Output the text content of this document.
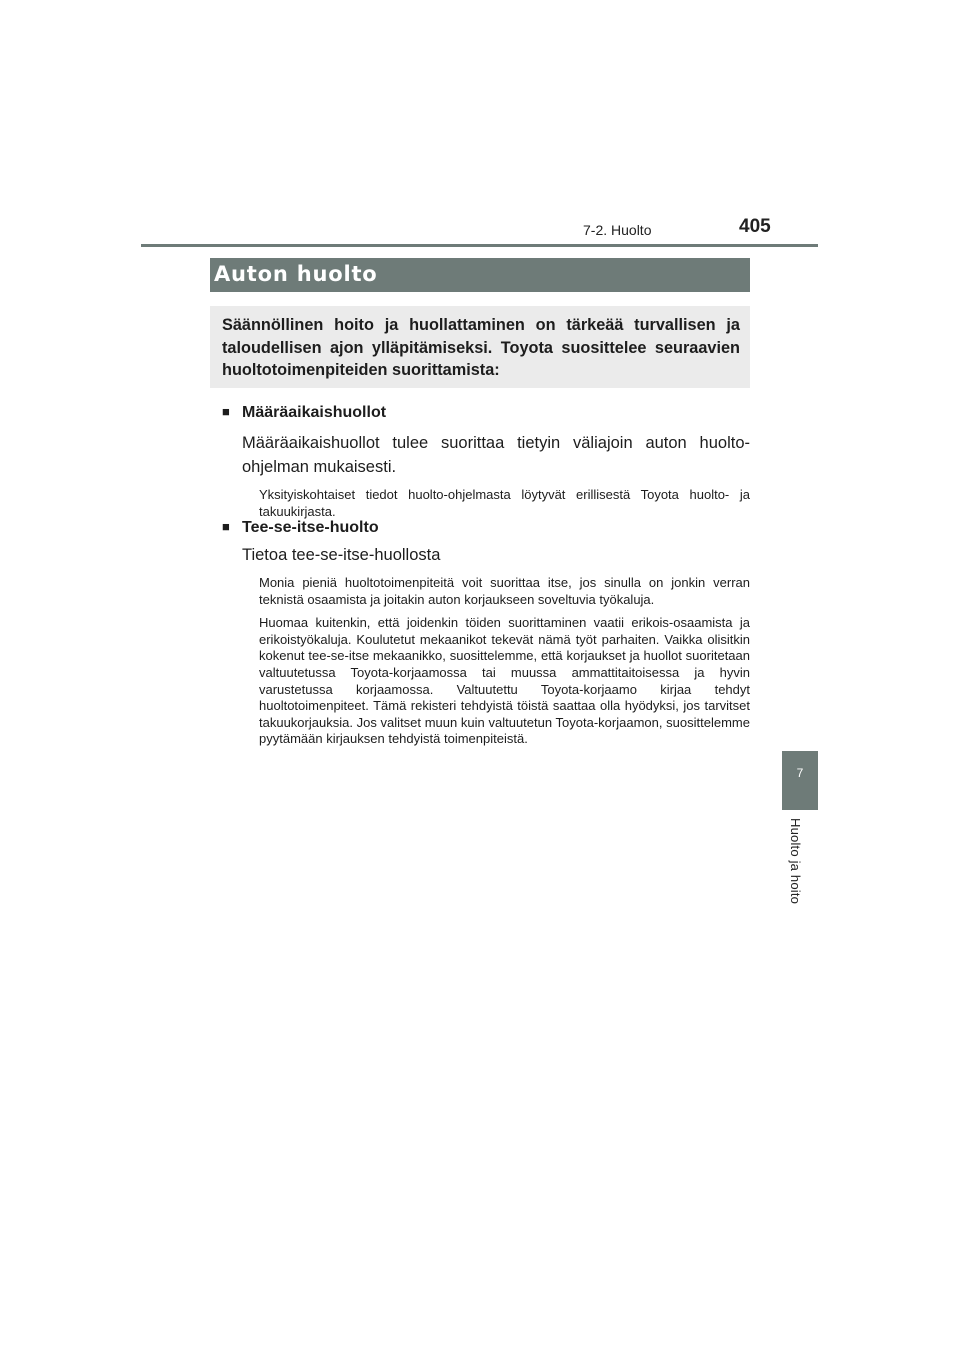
7-2. Huolto	405
7
Huolto ja hoito
Auton huolto
Säännöllinen hoito ja huollattaminen on tärkeää turvallisen ja taloudellisen ajon ylläpitämiseksi. Toyota suosittelee seuraavien huoltotoimenpiteiden suorittamista:
■ Määräaikaishuollot
Määräaikaishuollot tulee suorittaa tietyin väliajoin auton huolto-ohjelman mukaisesti.
Yksityiskohtaiset tiedot huolto-ohjelmasta löytyvät erillisestä Toyota huolto- ja takuukirjasta.
■ Tee-se-itse-huolto
Tietoa tee-se-itse-huollosta
Monia pieniä huoltotoimenpiteitä voit suorittaa itse, jos sinulla on jonkin verran teknistä osaamista ja joitakin auton korjaukseen soveltuvia työkaluja.
Huomaa kuitenkin, että joidenkin töiden suorittaminen vaatii erikois-osaamista ja erikoistyökaluja. Koulutetut mekaanikot tekevät nämä työt parhaiten. Vaikka olisitkin kokenut tee-se-itse mekaanikko, suosittelemme, että korjaukset ja huollot suoritetaan valtuutetussa Toyota-korjaamossa tai muussa ammattitaitoisessa ja hyvin varustetussa korjaamossa. Valtuutettu Toyota-korjaamo kirjaa tehdyt huoltotoimenpiteet. Tämä rekisteri tehdyistä töistä saattaa olla hyödyksi, jos tarvitset takuukorjauksia. Jos valitset muun kuin valtuutetun Toyota-korjaamon, suosittelemme pyytämään kirjauksen tehdyistä toimenpiteistä.
